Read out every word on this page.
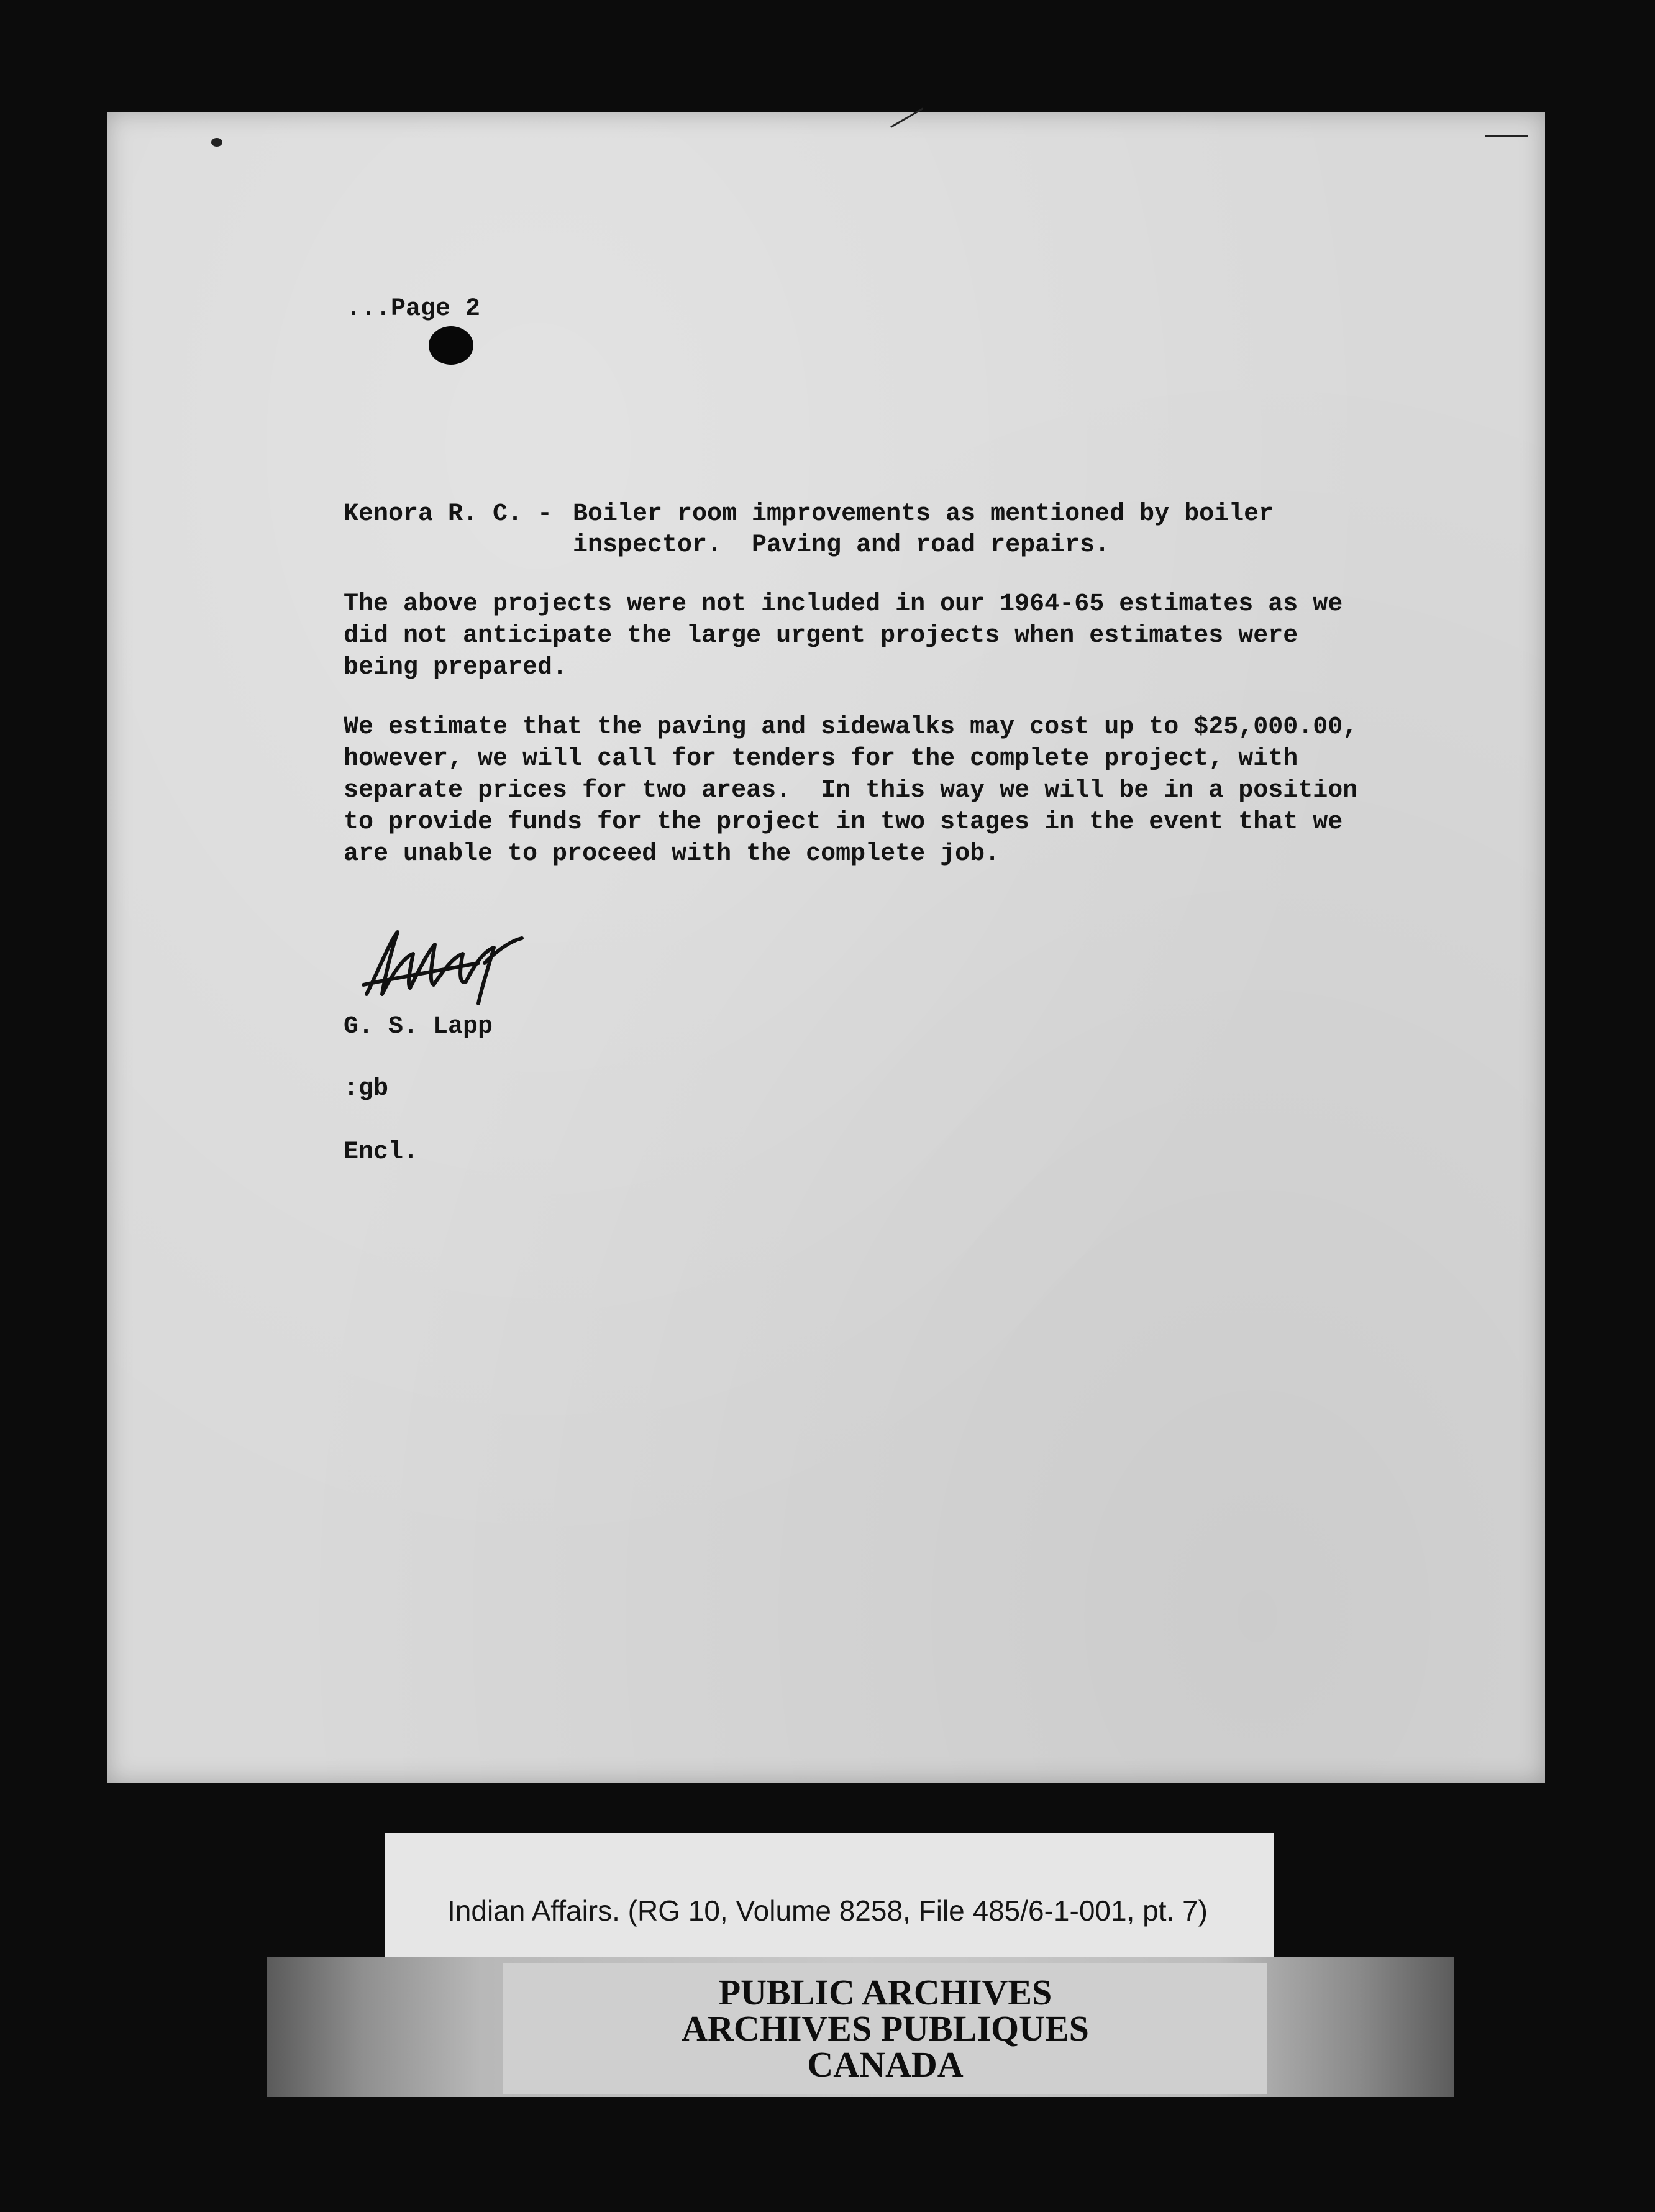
...Page 2
Kenora R. C. - Boiler room improvements as mentioned by boiler
inspector.  Paving and road repairs.
The above projects were not included in our 1964-65 estimates as we
did not anticipate the large urgent projects when estimates were
being prepared.
We estimate that the paving and sidewalks may cost up to $25,000.00,
however, we will call for tenders for the complete project, with
separate prices for two areas.  In this way we will be in a position
to provide funds for the project in two stages in the event that we
are unable to proceed with the complete job.
G. S. Lapp
:gb
Encl.
Indian Affairs. (RG 10, Volume 8258, File 485/6-1-001, pt. 7)
PUBLIC ARCHIVES
ARCHIVES PUBLIQUES
CANADA
